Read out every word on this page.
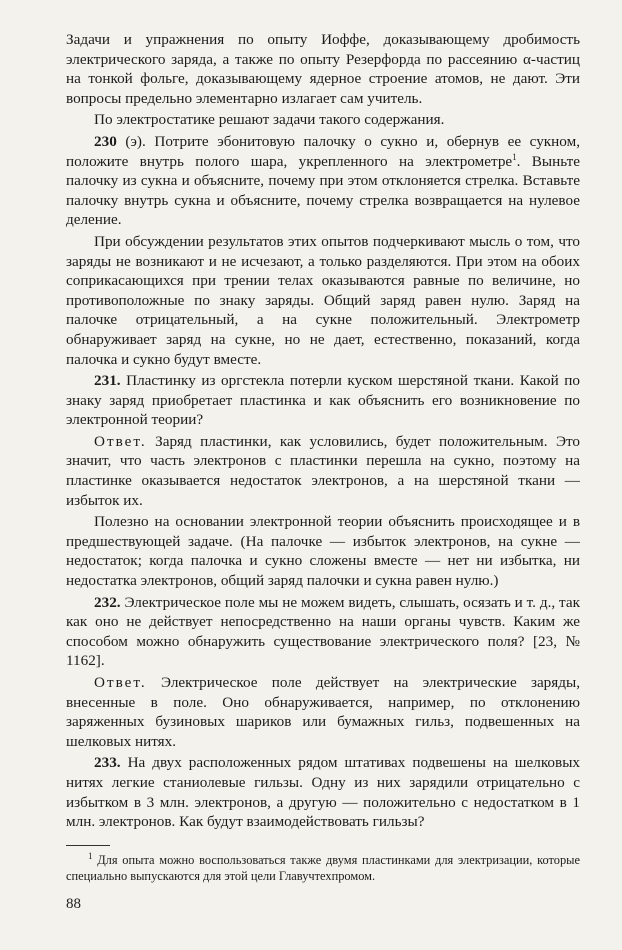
Задачи и упражнения по опыту Иоффе, доказывающему дробимость электрического заряда, а также по опыту Резерфорда по рассеянию α-частиц на тонкой фольге, доказывающему ядерное строение атомов, не дают. Эти вопросы предельно элементарно излагает сам учитель.

По электростатике решают задачи такого содержания.

230 (э). Потрите эбонитовую палочку о сукно и, обернув ее сукном, положите внутрь полого шара, укрепленного на электрометре$^1$. Выньте палочку из сукна и объясните, почему при этом отклоняется стрелка. Вставьте палочку внутрь сукна и объясните, почему стрелка возвращается на нулевое деление.

При обсуждении результатов этих опытов подчеркивают мысль о том, что заряды не возникают и не исчезают, а только разделяются. При этом на обоих соприкасающихся при трении телах оказываются равные по величине, но противоположные по знаку заряды. Общий заряд равен нулю. Заряд на палочке отрицательный, а на сукне положительный. Электрометр обнаруживает заряд на сукне, но не дает, естественно, показаний, когда палочка и сукно будут вместе.

231. Пластинку из оргстекла потерли куском шерстяной ткани. Какой по знаку заряд приобретает пластинка и как объяснить его возникновение по электронной теории?

Ответ. Заряд пластинки, как условились, будет положительным. Это значит, что часть электронов с пластинки перешла на сукно, поэтому на пластинке оказывается недостаток электронов, а на шерстяной ткани — избыток их.

Полезно на основании электронной теории объяснить происходящее и в предшествующей задаче. (На палочке — избыток электронов, на сукне — недостаток; когда палочка и сукно сложены вместе — нет ни избытка, ни недостатка электронов, общий заряд палочки и сукна равен нулю.)

232. Электрическое поле мы не можем видеть, слышать, осязать и т. д., так как оно не действует непосредственно на наши органы чувств. Каким же способом можно обнаружить существование электрического поля? [23, № 1162].

Ответ. Электрическое поле действует на электрические заряды, внесенные в поле. Оно обнаруживается, например, по отклонению заряженных бузиновых шариков или бумажных гильз, подвешенных на шелковых нитях.

233. На двух расположенных рядом штативах подвешены на шелковых нитях легкие станиолевые гильзы. Одну из них зарядили отрицательно с избытком в 3 млн. электронов, а другую — положительно с недостатком в 1 млн. электронов. Как будут взаимодействовать гильзы?

$^1$ Для опыта можно воспользоваться также двумя пластинками для электризации, которые специально выпускаются для этой цели Главучтехпромом.

88
